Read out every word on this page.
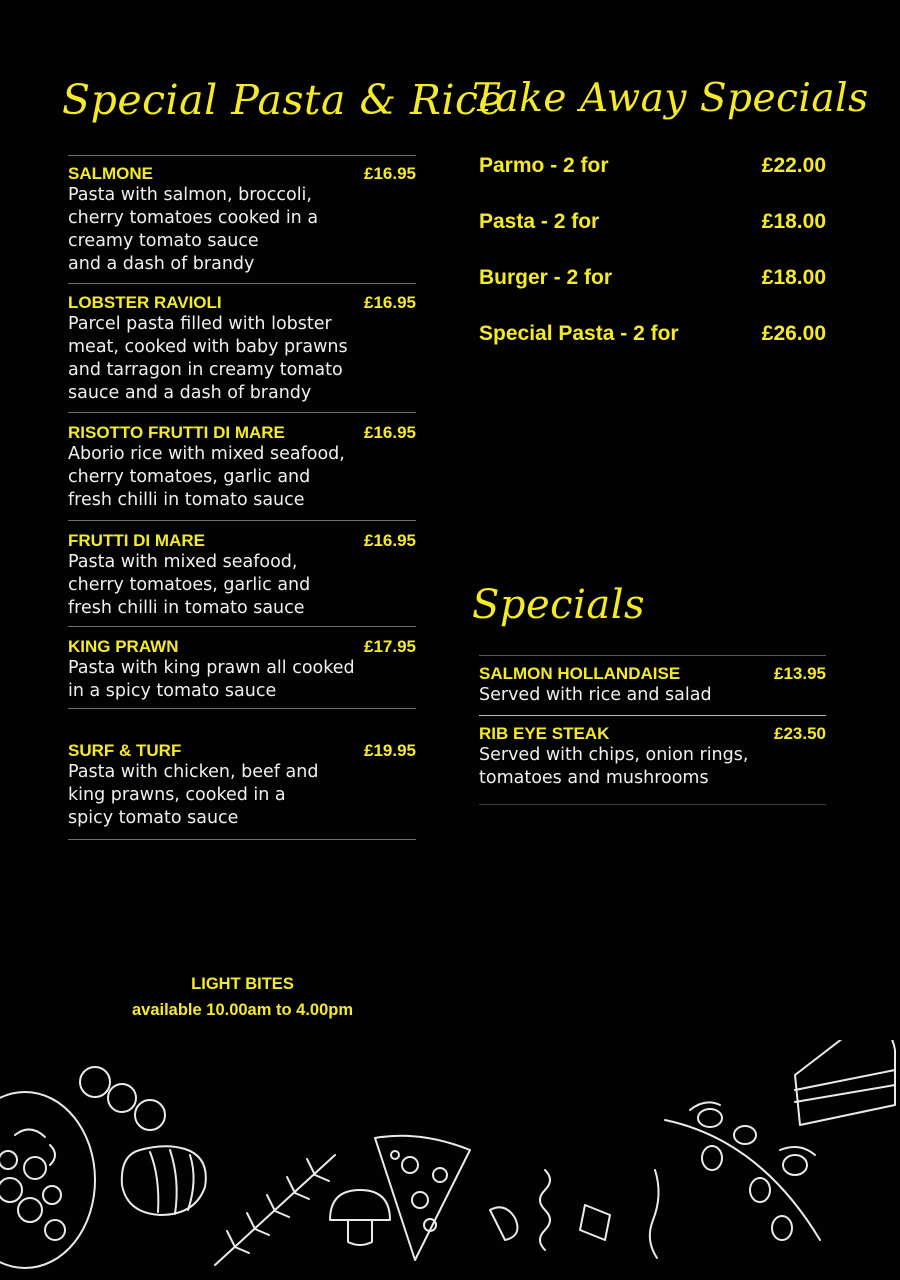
Special Pasta & Rice
SALMONE	£16.95
Pasta with salmon, broccoli,
cherry tomatoes cooked in a
creamy tomato sauce
and a dash of brandy
LOBSTER RAVIOLI	£16.95
Parcel pasta filled with lobster
meat, cooked with baby prawns
and tarragon in creamy tomato
sauce and a dash of brandy
RISOTTO FRUTTI DI MARE	£16.95
Aborio rice with mixed seafood,
cherry tomatoes, garlic and
fresh chilli in tomato sauce
FRUTTI DI MARE	£16.95
Pasta with mixed seafood,
cherry tomatoes, garlic and
fresh chilli in tomato sauce
KING PRAWN	£17.95
Pasta with king prawn all cooked
in a spicy tomato sauce
SURF & TURF	£19.95
Pasta with chicken, beef and
king prawns, cooked in a
spicy tomato sauce
Take Away Specials
Parmo - 2 for	£22.00
Pasta - 2 for	£18.00
Burger - 2 for	£18.00
Special Pasta - 2 for	£26.00
Specials
SALMON HOLLANDAISE	£13.95
Served with rice and salad
RIB EYE STEAK	£23.50
Served with chips, onion rings,
tomatoes and mushrooms
LIGHT BITES
available 10.00am to 4.00pm
